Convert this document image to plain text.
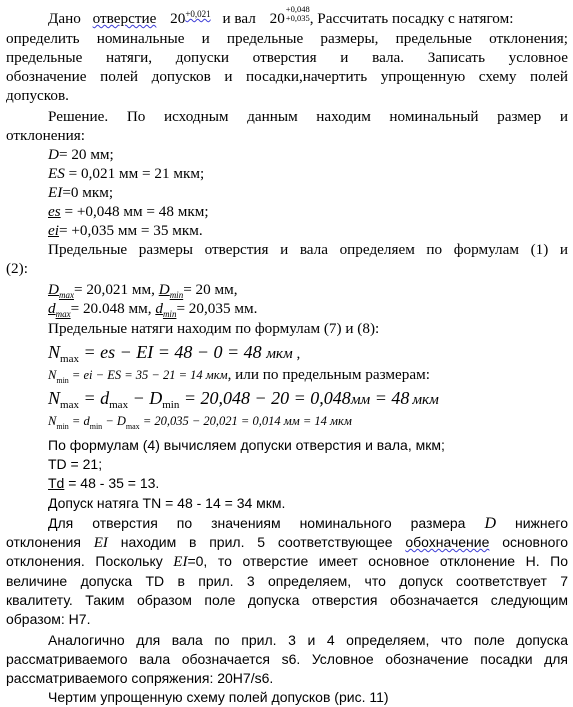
Дано отверстие $20^{+0,021}$ и вал 20
+0,048
+0,035 , Рассчитать посадку с натягом:
определить номинальные и предельные размеры, предельные отклонения;
предельные натяги, допуски отверстия и вала. Записать условное
обозначение полей допусков и посадки,начертить упрощенную схему полей
допусков.
Решение. По исходным данным находим номинальный размер и
отклонения:
D= 20 мм;
ES = 0,021 мм = 21 мкм;
EI=0 мкм;
es = +0,048 мм = 48 мкм;
ei= +0,035 мм = 35 мкм.
Предельные размеры отверстия и вала определяем по формулам (1) и
(2):
$D_{max}= 20,021$ мм, $D_{min}= 20$ мм,
$d_{max}= 20.048$ мм, $d_{min}= 20,035$ мм.
Предельные натяги находим по формулам (7) и (8):
$N_{max}$ = es − EI = 48 − 0 = 48 мкм ,
$N_{min}$ = ei − ES = 35 − 21 = 14 мкм, или по предельным размерам:
$N_{max} = d_{max} - D_{min} = 20,048 - 20 = 0,048мм = 48$ мкм
$N_{min} = d_{min} - D_{max} = 20,035 - 20,021 = 0,014$ мм = 14 мкм
По формулам (4) вычисляем допуски отверстия и вала, мкм;
TD = 21;
Td = 48 - 35 = 13.
Допуск натяга TN = 48 - 14 = 34 мкм.
Для отверстия по значениям номинального размера D нижнего
отклонения EI находим в прил. 5 соответствующее обохначение основного
отклонения. Поскольку EI=0, то отверстие имеет основное отклонение Н. По
величине допуска TD в прил. 3 определяем, что допуск соответствует 7
квалитету. Таким образом поле допуска отверстия обозначается следующим
образом: Н7.
Аналогично для вала по прил. 3 и 4 определяем, что поле допуска
рассматриваемого вала обозначается s6. Условное обозначение посадки для
рассматриваемого сопряжения: 20H7/s6.
Чертим упрощенную схему полей допусков (рис. 11)
